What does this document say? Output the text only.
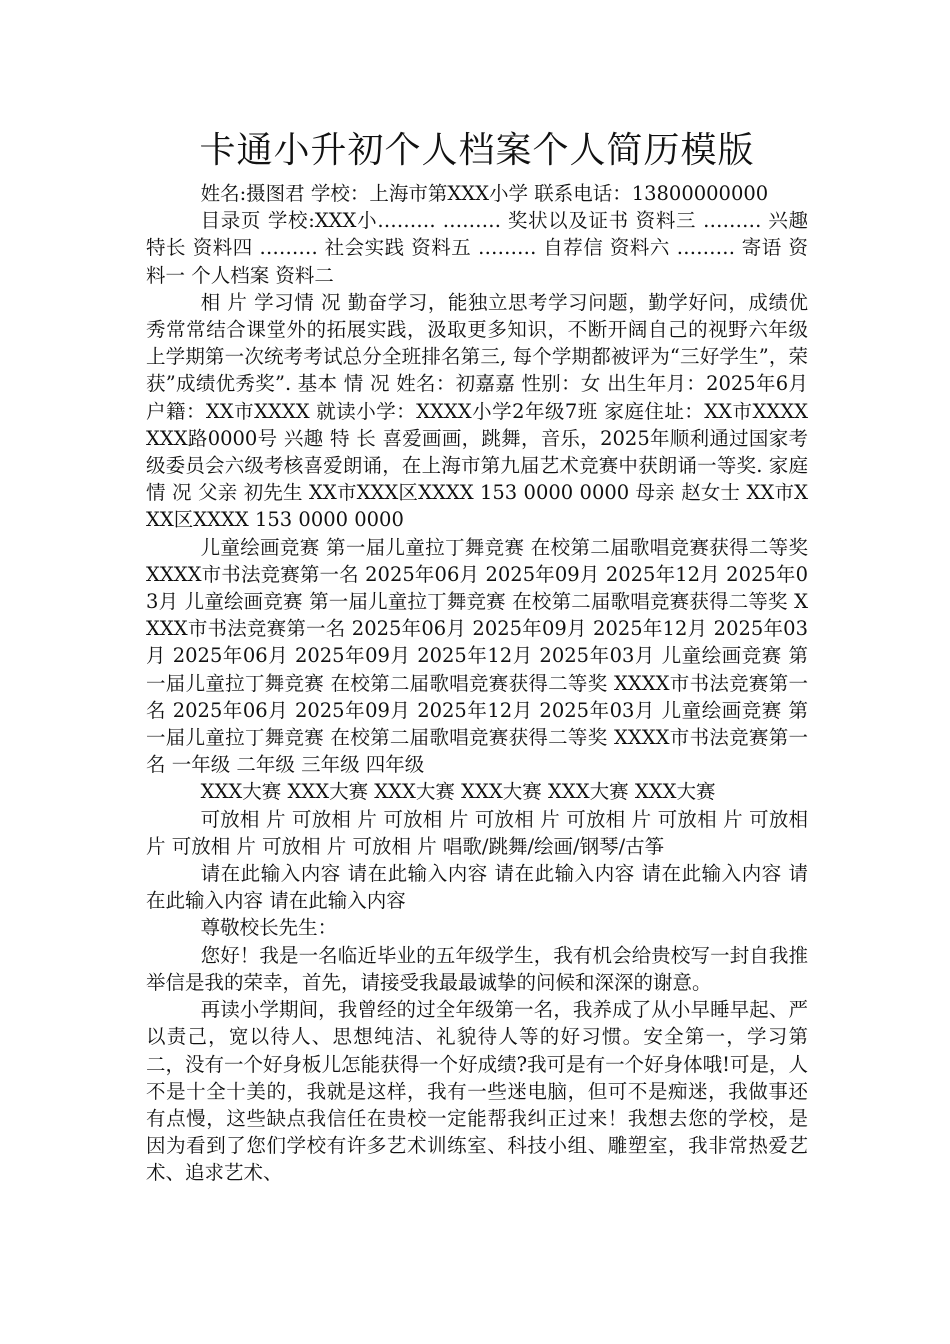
卡通小升初个人档案个人简历模版

姓名:摄图君 学校：上海市第XXX小学 联系电话：13800000000

目录页 学校:XXX小……… ……… 奖状以及证书 资料三 ……… 兴趣特长 资料四 ……… 社会实践 资料五 ……… 自荐信 资料六 ……… 寄语 资料一 个人档案 资料二

相 片 学习情 况 勤奋学习，能独立思考学习问题，勤学好问，成绩优秀常常结合课堂外的拓展实践，汲取更多知识，不断开阔自己的视野六年级上学期第一次统考考试总分全班排名第三, 每个学期都被评为“三好学生”，荣获”成绩优秀奖”. 基本 情 况 姓名：初嘉嘉 性别：女 出生年月：2025年6月 户籍：XX市XXXX 就读小学：XXXX小学2年级7班 家庭住址：XX市XXXXXXX路0000号 兴趣 特 长 喜爱画画，跳舞，音乐，2025年顺利通过国家考级委员会六级考核喜爱朗诵，在上海市第九届艺术竞赛中获朗诵一等奖. 家庭情 况 父亲 初先生 XX市XXX区XXXX 153 0000 0000 母亲 赵女士 XX市XXX区XXXX 153 0000 0000

儿童绘画竞赛 第一届儿童拉丁舞竞赛 在校第二届歌唱竞赛获得二等奖 XXXX市书法竞赛第一名 2025年06月 2025年09月 2025年12月 2025年03月 儿童绘画竞赛 第一届儿童拉丁舞竞赛 在校第二届歌唱竞赛获得二等奖 XXXX市书法竞赛第一名 2025年06月 2025年09月 2025年12月 2025年03月 2025年06月 2025年09月 2025年12月 2025年03月 儿童绘画竞赛 第一届儿童拉丁舞竞赛 在校第二届歌唱竞赛获得二等奖 XXXX市书法竞赛第一名 2025年06月 2025年09月 2025年12月 2025年03月 儿童绘画竞赛 第一届儿童拉丁舞竞赛 在校第二届歌唱竞赛获得二等奖 XXXX市书法竞赛第一名 一年级 二年级 三年级 四年级

XXX大赛 XXX大赛 XXX大赛 XXX大赛 XXX大赛 XXX大赛

可放相 片 可放相 片 可放相 片 可放相 片 可放相 片 可放相 片 可放相 片 可放相 片 可放相 片 可放相 片 唱歌/跳舞/绘画/钢琴/古筝

请在此输入内容 请在此输入内容 请在此输入内容 请在此输入内容 请在此输入内容 请在此输入内容

尊敬校长先生：

您好！我是一名临近毕业的五年级学生，我有机会给贵校写一封自我推举信是我的荣幸，首先，请接受我最最诚挚的问候和深深的谢意。

再读小学期间，我曾经的过全年级第一名，我养成了从小早睡早起、严以责己，宽以待人、思想纯洁、礼貌待人等的好习惯。安全第一，学习第二，没有一个好身板儿怎能获得一个好成绩?我可是有一个好身体哦!可是，人不是十全十美的，我就是这样，我有一些迷电脑，但可不是痴迷，我做事还有点慢，这些缺点我信任在贵校一定能帮我纠正过来！我想去您的学校，是因为看到了您们学校有许多艺术训练室、科技小组、雕塑室，我非常热爱艺术、追求艺术、
